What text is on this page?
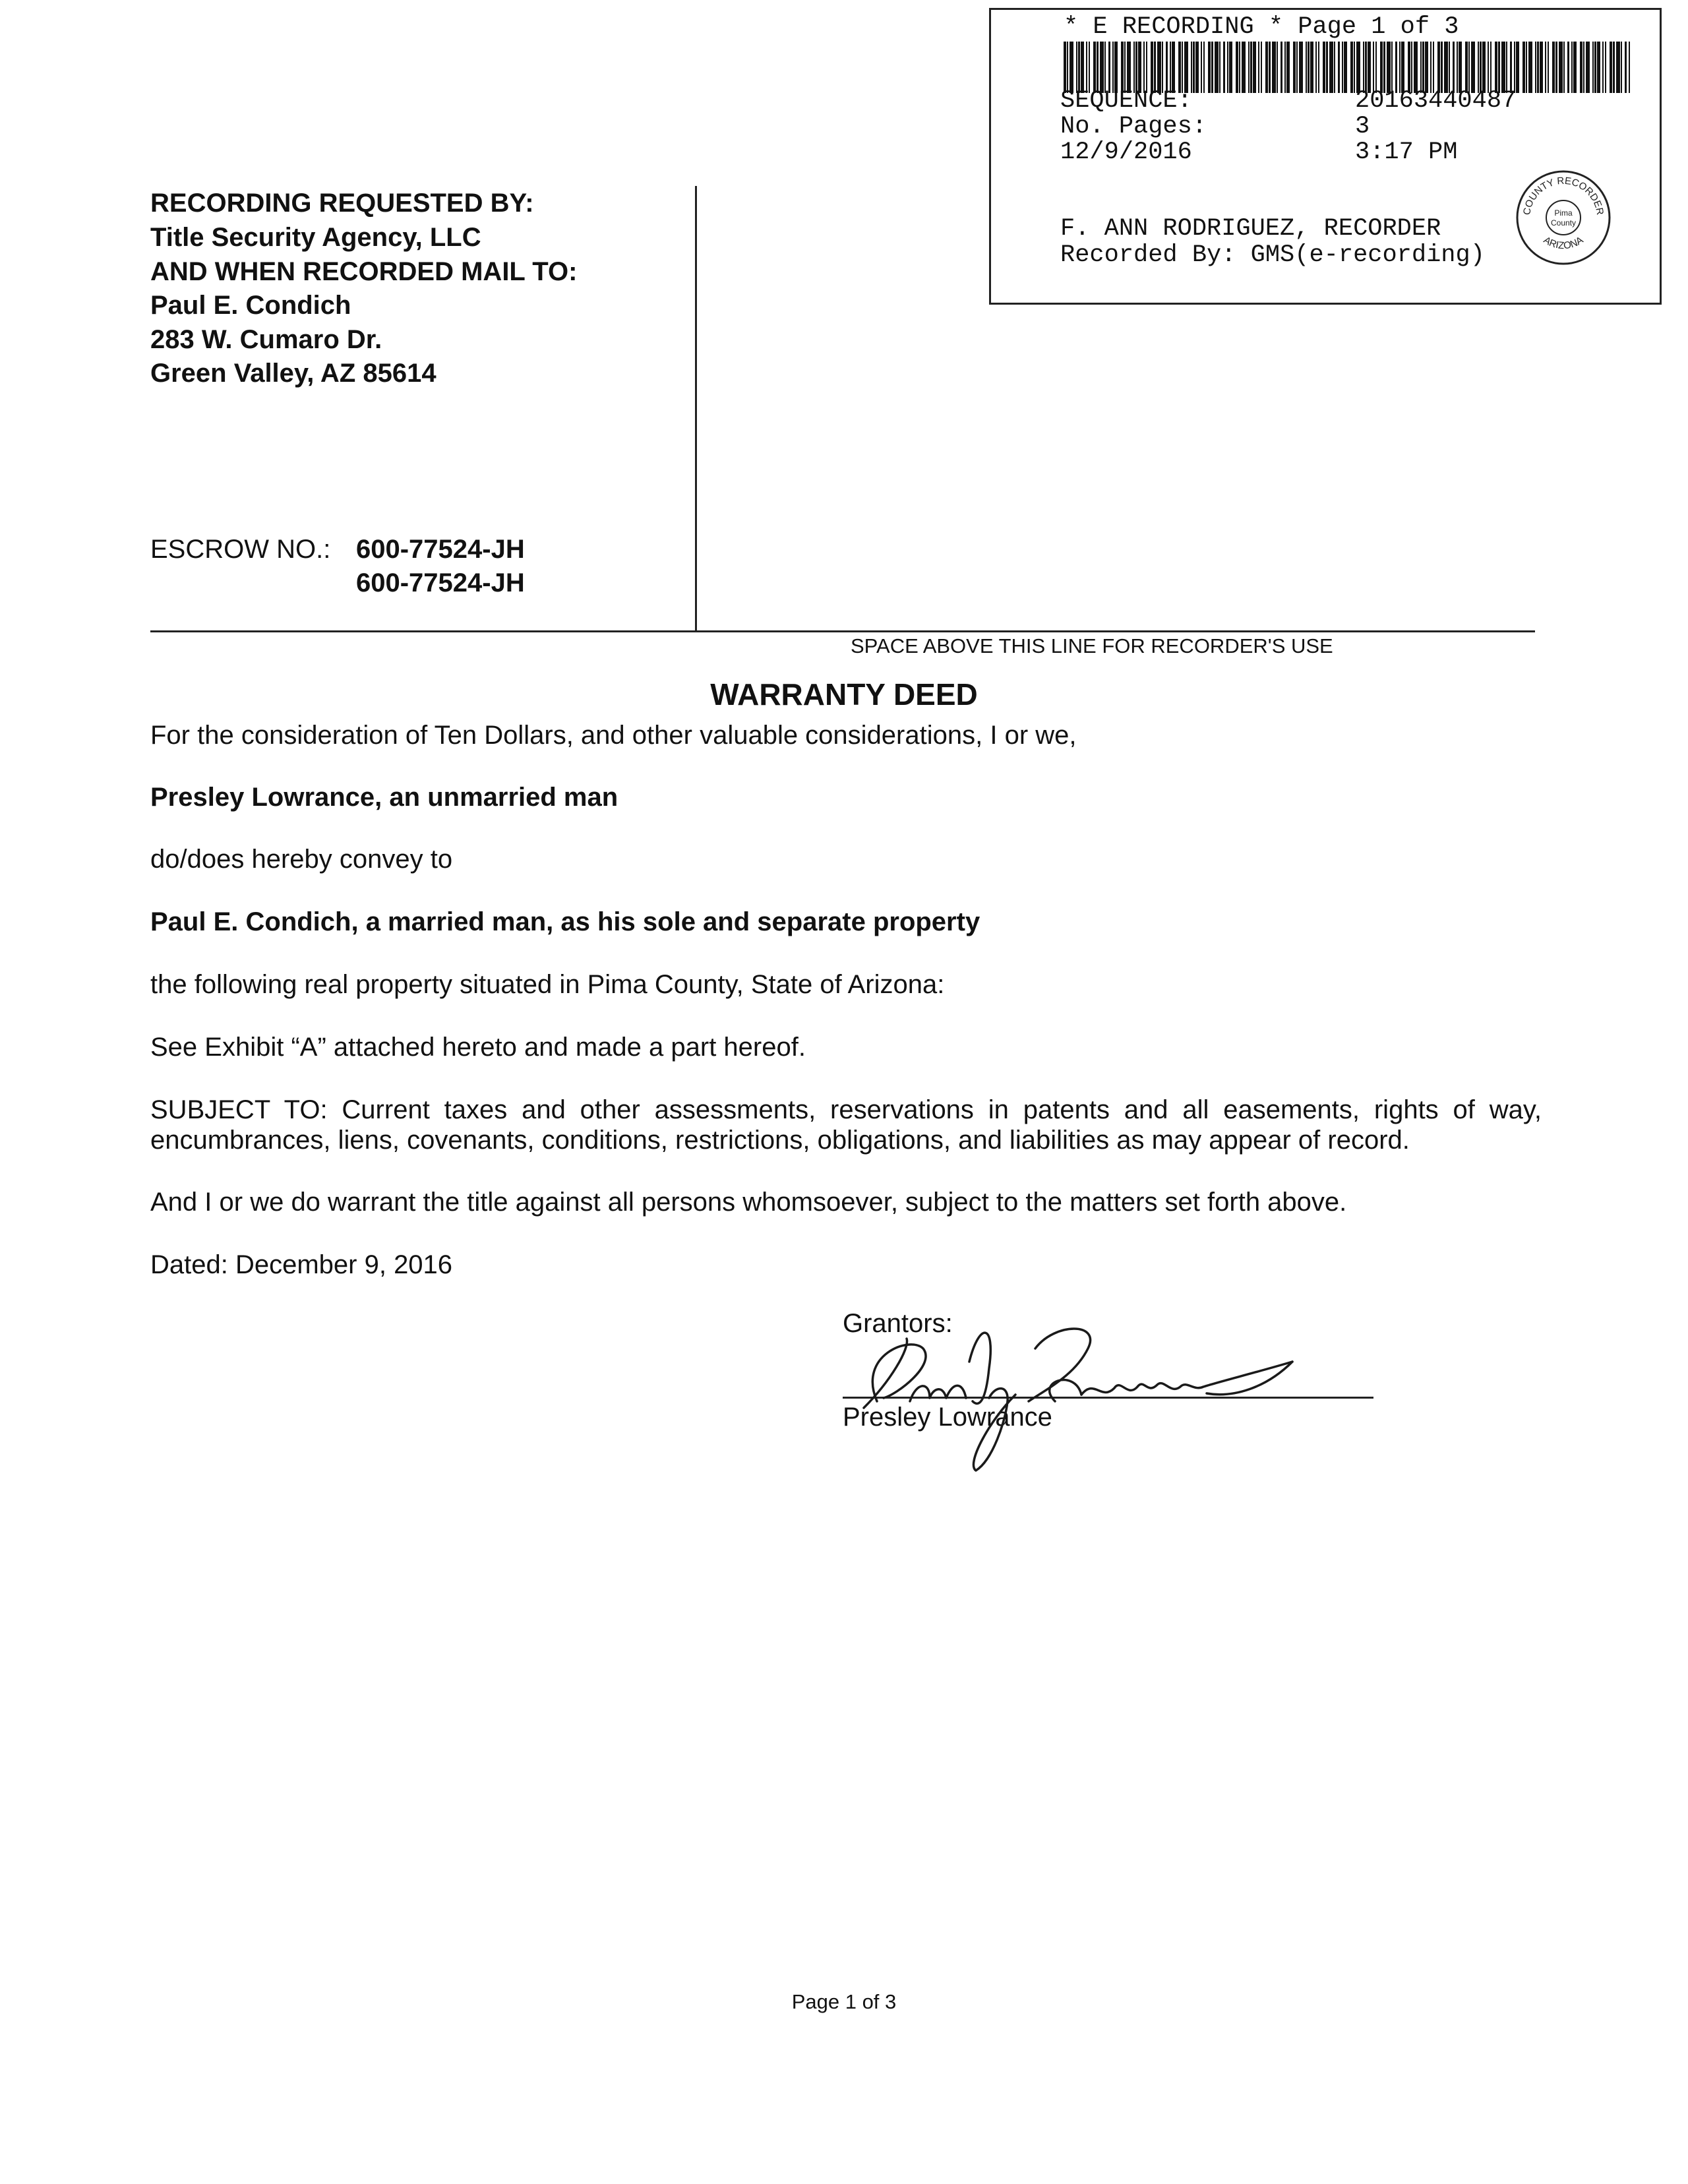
* E RECORDING * Page 1 of 3
SEQUENCE:	20163440487
No. Pages:	3
12/9/2016	3:17 PM
F. ANN RODRIGUEZ, RECORDER
Recorded By: GMS(e-recording)
COUNTY RECORDER
ARIZONA
Pima
County
RECORDING REQUESTED BY:
Title Security Agency, LLC
AND WHEN RECORDED MAIL TO:
Paul E. Condich
283 W. Cumaro Dr.
Green Valley, AZ 85614
ESCROW NO.: 600-77524-JH
600-77524-JH
SPACE ABOVE THIS LINE FOR RECORDER'S USE
WARRANTY DEED
For the consideration of Ten Dollars, and other valuable considerations, I or we,
Presley Lowrance, an unmarried man
do/does hereby convey to
Paul E. Condich, a married man, as his sole and separate property
the following real property situated in Pima County, State of Arizona:
See Exhibit “A” attached hereto and made a part hereof.
SUBJECT TO: Current taxes and other assessments, reservations in patents and all easements, rights of way, encumbrances, liens, covenants, conditions, restrictions, obligations, and liabilities as may appear of record.
And I or we do warrant the title against all persons whomsoever, subject to the matters set forth above.
Dated: December 9, 2016
Grantors:
Presley Lowrance
Page 1 of 3
